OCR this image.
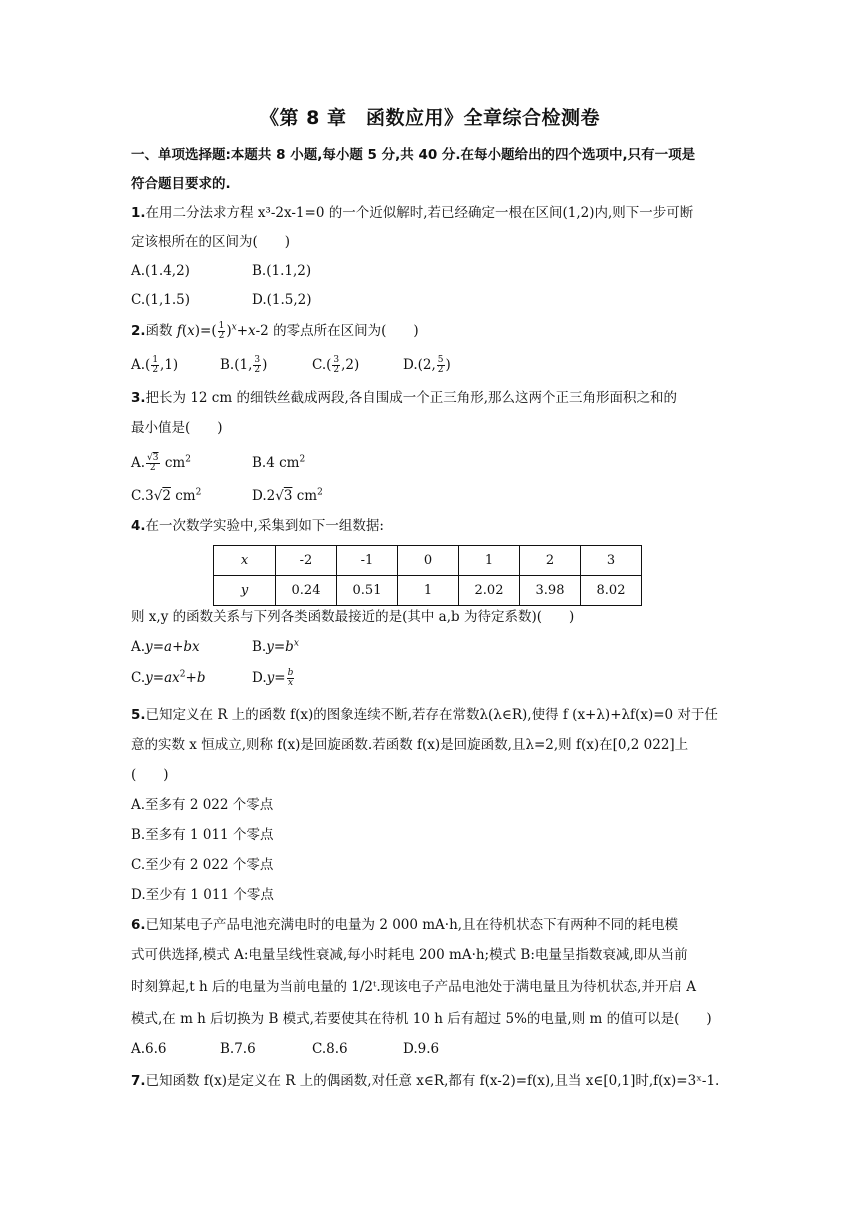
《第 8 章　函数应用》全章综合检测卷
一、单项选择题:本题共 8 小题,每小题 5 分,共 40 分.在每小题给出的四个选项中,只有一项是
符合题目要求的.
1.在用二分法求方程 x³-2x-1=0 的一个近似解时,若已经确定一根在区间(1,2)内,则下一步可断
定该根所在的区间为(　　)
A.(1.4,2)	B.(1.1,2)
C.(1,1.5)	D.(1.5,2)
2.函数 $f(x)=( \frac{1}{2} )^x+x-2$ 的零点所在区间为(　　)
$A.( \frac{1}{2} ,1)$	B.(1, $\frac{3}{2}$ )	$C.( \frac{3}{2} ,2)$	D.(2, $\frac{5}{2}$ )
3.把长为 12 cm 的细铁丝截成两段,各自围成一个正三角形,那么这两个正三角形面积之和的
最小值是(　　)
A. $\frac{√3}{2} cm^2$	B.4 $cm^2$
C.3√2 $cm^2$	D.2√3 $cm^2$
4.在一次数学实验中,采集到如下一组数据:
x	-2	-1	0	1	2	3
y	0.24	0.51	1	2.02	3.98	8.02
则 x,y 的函数关系与下列各类函数最接近的是(其中 a,b 为待定系数)(　　)
A.y=a+bx	$B.y=b^x$
$C.y=ax^2+b$	$D.y= \frac{b}{x}$
5.已知定义在 R 上的函数 f(x)的图象连续不断,若存在常数λ(λ∈R),使得 f (x+λ)+λf(x)=0 对于任
意的实数 x 恒成立,则称 f(x)是回旋函数.若函数 f(x)是回旋函数,且λ=2,则 f(x)在[0,2 022]上
(　　)
A.至多有 2 022 个零点
B.至多有 1 011 个零点
C.至少有 2 022 个零点
D.至少有 1 011 个零点
6.已知某电子产品电池充满电时的电量为 2 000 mA·h,且在待机状态下有两种不同的耗电模
式可供选择,模式 A:电量呈线性衰减,每小时耗电 200 mA·h;模式 B:电量呈指数衰减,即从当前
时刻算起,t h 后的电量为当前电量的 1/2ᵗ.现该电子产品电池处于满电量且为待机状态,并开启 A
模式,在 m h 后切换为 B 模式,若要使其在待机 10 h 后有超过 5%的电量,则 m 的值可以是(　　)
A.6.6	B.7.6	C.8.6	D.9.6
7.已知函数 f(x)是定义在 R 上的偶函数,对任意 x∈R,都有 f(x-2)=f(x),且当 x∈[0,1]时,f(x)=3ˣ-1.
